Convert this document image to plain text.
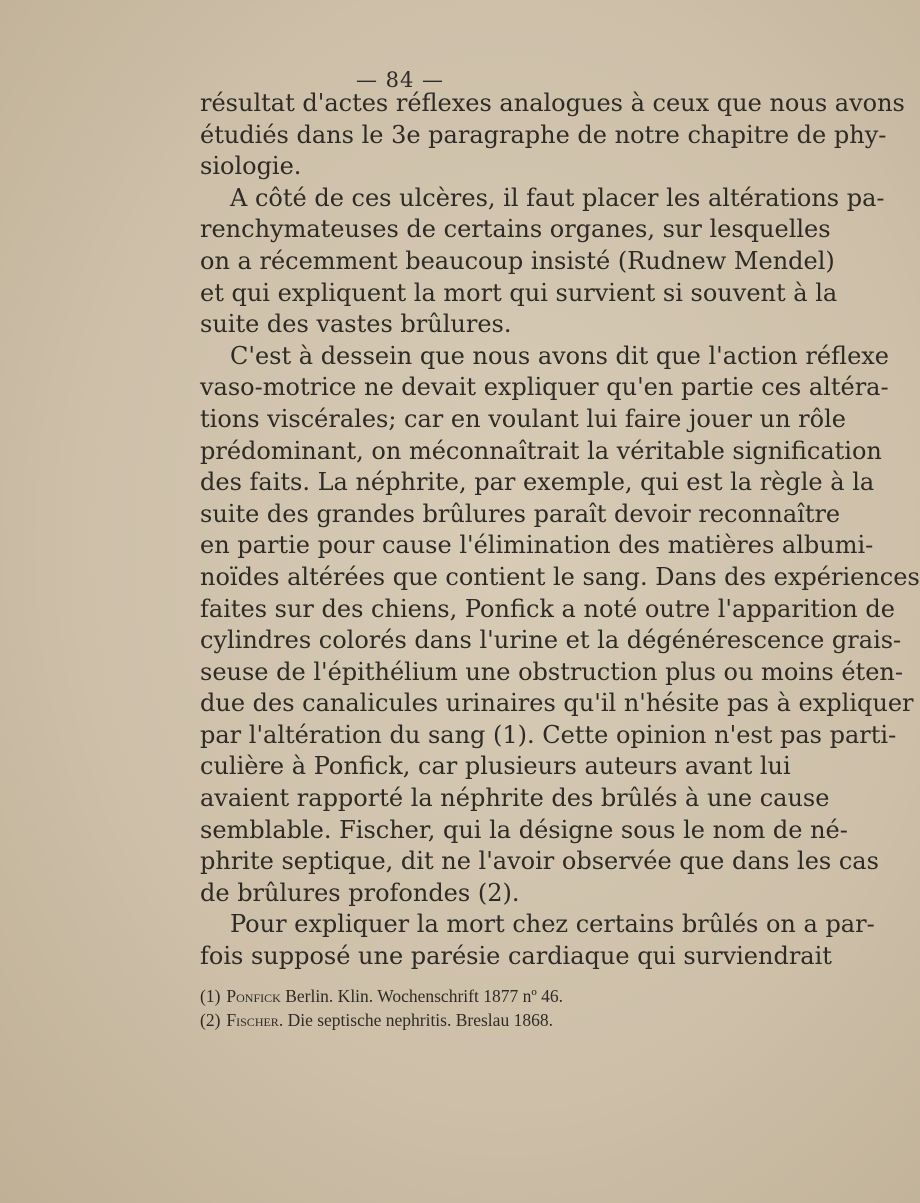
— 84 —

résultat d'actes réflexes analogues à ceux que nous avons
étudiés dans le 3e paragraphe de notre chapitre de phy-
siologie.

A côté de ces ulcères, il faut placer les altérations pa-
renchymateuses de certains organes, sur lesquelles
on a récemment beaucoup insisté (Rudnew Mendel)
et qui expliquent la mort qui survient si souvent à la
suite des vastes brûlures.

C'est à dessein que nous avons dit que l'action réflexe
vaso-motrice ne devait expliquer qu'en partie ces altéra-
tions viscérales; car en voulant lui faire jouer un rôle
prédominant, on méconnaîtrait la véritable signification
des faits. La néphrite, par exemple, qui est la règle à la
suite des grandes brûlures paraît devoir reconnaître
en partie pour cause l'élimination des matières albumi-
noïdes altérées que contient le sang. Dans des expériences
faites sur des chiens, Ponfick a noté outre l'apparition de
cylindres colorés dans l'urine et la dégénérescence grais-
seuse de l'épithélium une obstruction plus ou moins éten-
due des canalicules urinaires qu'il n'hésite pas à expliquer
par l'altération du sang (1). Cette opinion n'est pas parti-
culière à Ponfick, car plusieurs auteurs avant lui
avaient rapporté la néphrite des brûlés à une cause
semblable. Fischer, qui la désigne sous le nom de né-
phrite septique, dit ne l'avoir observée que dans les cas
de brûlures profondes (2).

Pour expliquer la mort chez certains brûlés on a par-
fois supposé une parésie cardiaque qui surviendrait

(1) Ponfick Berlin. Klin. Wochenschrift 1877 nº 46.
(2) Fischer. Die septische nephritis. Breslau 1868.
